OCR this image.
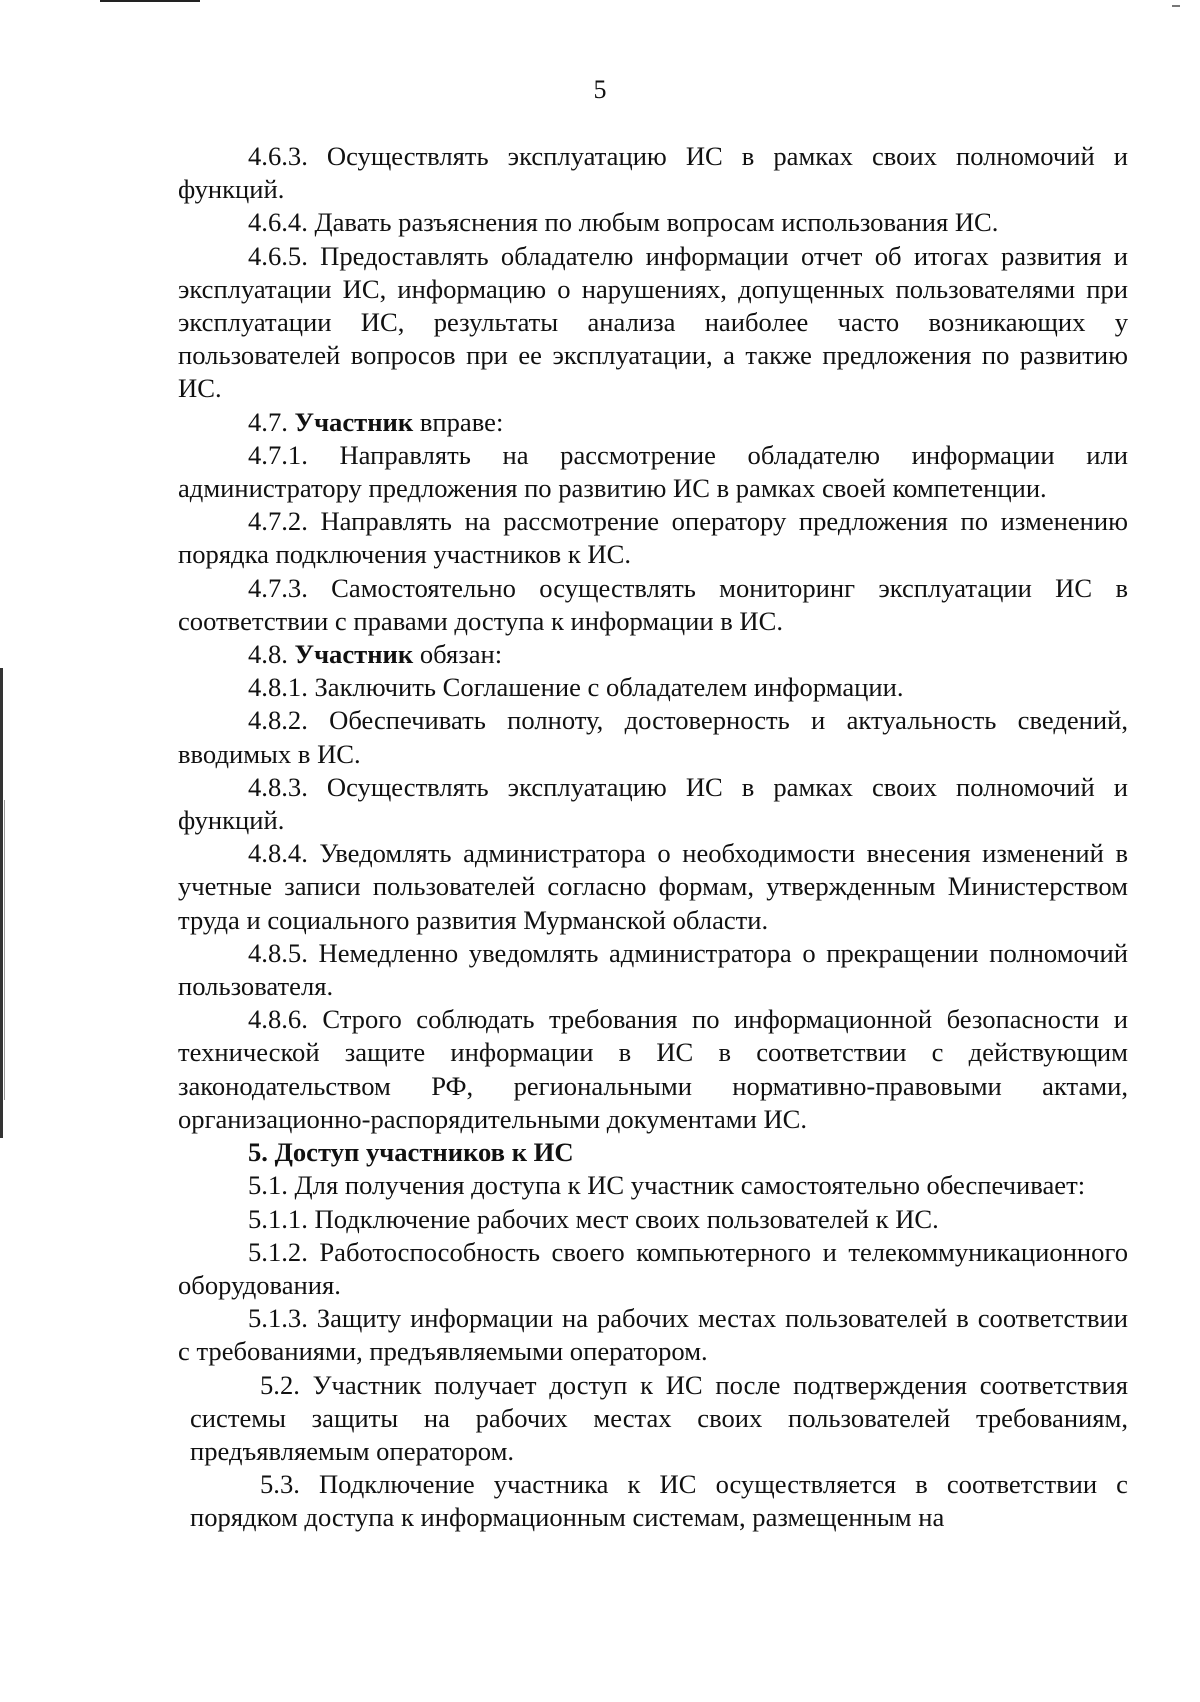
5

4.6.3. Осуществлять эксплуатацию ИС в рамках своих полномочий и функций.

4.6.4. Давать разъяснения по любым вопросам использования ИС.

4.6.5. Предоставлять обладателю информации отчет об итогах развития и эксплуатации ИС, информацию о нарушениях, допущенных пользователями при эксплуатации ИС, результаты анализа наиболее часто возникающих у пользователей вопросов при ее эксплуатации, а также предложения по развитию ИС.

4.7. Участник вправе:

4.7.1. Направлять на рассмотрение обладателю информации или администратору предложения по развитию ИС в рамках своей компетенции.

4.7.2. Направлять на рассмотрение оператору предложения по изменению порядка подключения участников к ИС.

4.7.3. Самостоятельно осуществлять мониторинг эксплуатации ИС в соответствии с правами доступа к информации в ИС.

4.8. Участник обязан:

4.8.1. Заключить Соглашение с обладателем информации.

4.8.2. Обеспечивать полноту, достоверность и актуальность сведений, вводимых в ИС.

4.8.3. Осуществлять эксплуатацию ИС в рамках своих полномочий и функций.

4.8.4. Уведомлять администратора о необходимости внесения изменений в учетные записи пользователей согласно формам, утвержденным Министерством труда и социального развития Мурманской области.

4.8.5. Немедленно уведомлять администратора о прекращении полномочий пользователя.

4.8.6. Строго соблюдать требования по информационной безопасности и технической защите информации в ИС в соответствии с действующим законодательством РФ, региональными нормативно-правовыми актами, организационно-распорядительными документами ИС.

5. Доступ участников к ИС

5.1. Для получения доступа к ИС участник самостоятельно обеспечивает:

5.1.1. Подключение рабочих мест своих пользователей к ИС.

5.1.2. Работоспособность своего компьютерного и телекоммуникационного оборудования.

5.1.3. Защиту информации на рабочих местах пользователей в соответствии с требованиями, предъявляемыми оператором.

5.2. Участник получает доступ к ИС после подтверждения соответствия системы защиты на рабочих местах своих пользователей требованиям, предъявляемым оператором.

5.3. Подключение участника к ИС осуществляется в соответствии с порядком доступа к информационным системам, размещенным на
